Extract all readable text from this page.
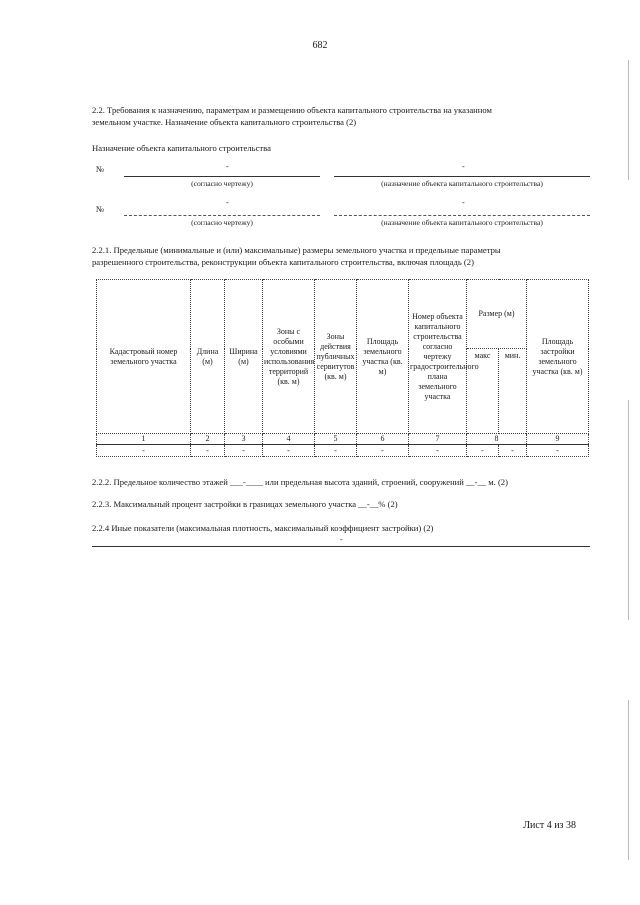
682
2.2. Требования к назначению, параметрам и размещению объекта капитального строительства на указанном
земельном участке. Назначение объекта капитального строительства (2)
Назначение объекта капитального строительства
№	-	-
(согласно чертежу)	(назначение объекта капитального строительства)
№
-	-
(согласно чертежу)	(назначение объекта капитального строительства)
2.2.1. Предельные (минимальные и (или) максимальные) размеры земельного участка и предельные параметры
разрешенного строительства, реконструкции объекта капитального строительства, включая площадь (2)
Кадастровый номер земельного участка	Длина (м)	Ширина (м)	Зоны с особыми условиями использования территорий (кв. м)	Зоны действия публичных сервитутов (кв. м)	Площадь земельного участка (кв. м)	Номер объекта капитального строительства согласно чертежу градостроительного плана земельного участка	Размер (м)		Площадь застройки земельного участка (кв. м)
							макс	мин.	
1	2	3	4	5	6	7	8		9
-	-	-	-	-	-	-	-	-	-
2.2.2. Предельное количество этажей ___-____ или предельная высота зданий, строений, сооружений __-__ м. (2)
2.2.3. Максимальный процент застройки в границах земельного участка __-__% (2)
2.2.4 Иные показатели (максимальная плотность, максимальный коэффициент застройки) (2)
-
Лист 4 из 38
